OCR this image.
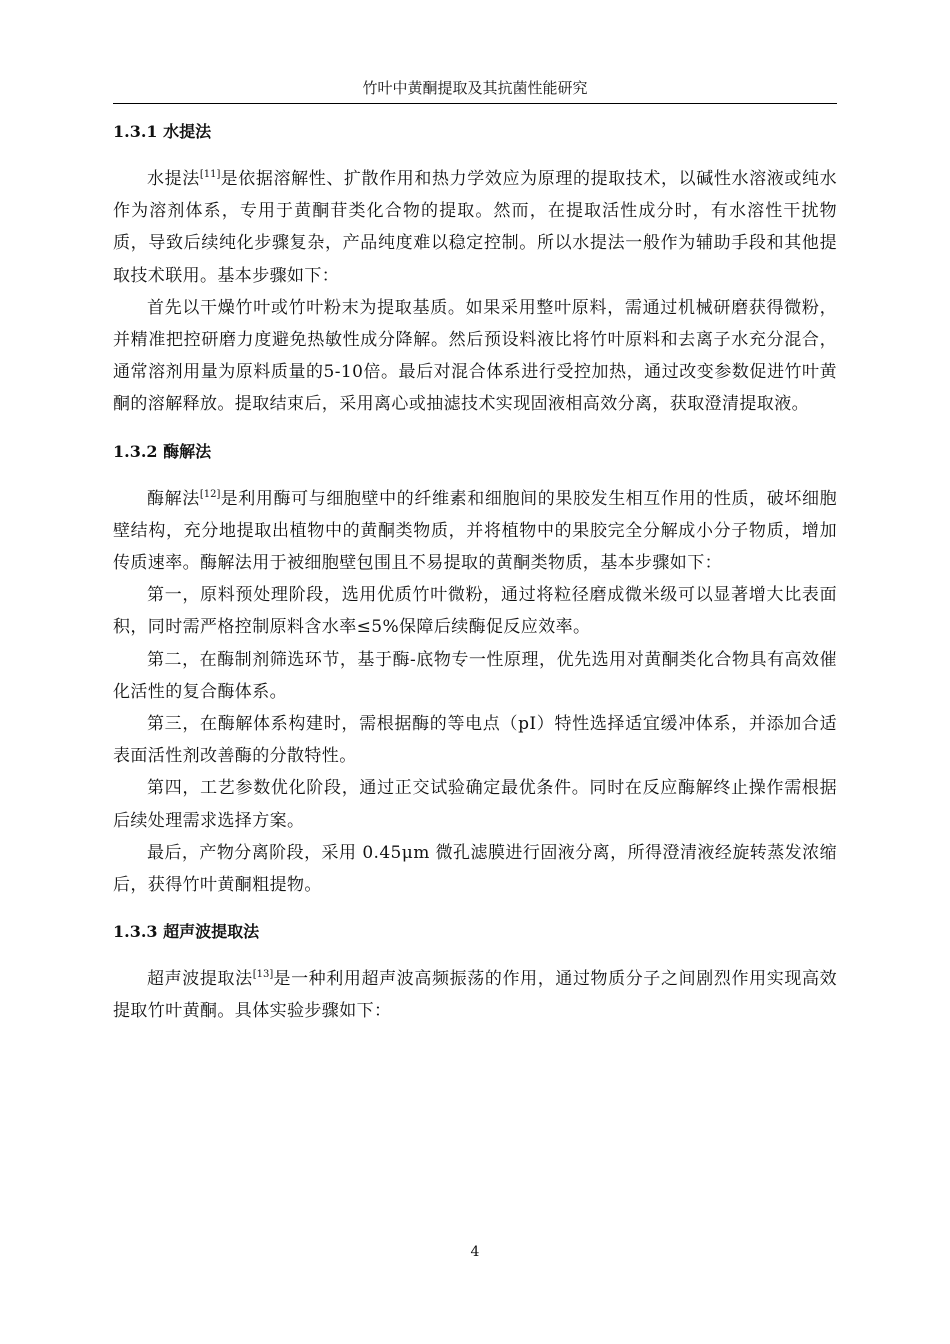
竹叶中黄酮提取及其抗菌性能研究
1.3.1 水提法

水提法[11]是依据溶解性、扩散作用和热力学效应为原理的提取技术，以碱性水溶液或纯水作为溶剂体系，专用于黄酮苷类化合物的提取。然而，在提取活性成分时，有水溶性干扰物质，导致后续纯化步骤复杂，产品纯度难以稳定控制。所以水提法一般作为辅助手段和其他提取技术联用。基本步骤如下：

首先以干燥竹叶或竹叶粉末为提取基质。如果采用整叶原料，需通过机械研磨获得微粉，并精准把控研磨力度避免热敏性成分降解。然后预设料液比将竹叶原料和去离子水充分混合，通常溶剂用量为原料质量的5-10倍。最后对混合体系进行受控加热，通过改变参数促进竹叶黄酮的溶解释放。提取结束后，采用离心或抽滤技术实现固液相高效分离，获取澄清提取液。

1.3.2 酶解法

酶解法[12]是利用酶可与细胞壁中的纤维素和细胞间的果胶发生相互作用的性质，破坏细胞壁结构，充分地提取出植物中的黄酮类物质，并将植物中的果胶完全分解成小分子物质，增加传质速率。酶解法用于被细胞壁包围且不易提取的黄酮类物质，基本步骤如下：

第一，原料预处理阶段，选用优质竹叶微粉，通过将粒径磨成微米级可以显著增大比表面积，同时需严格控制原料含水率≤5%保障后续酶促反应效率。

第二，在酶制剂筛选环节，基于酶-底物专一性原理，优先选用对黄酮类化合物具有高效催化活性的复合酶体系。

第三，在酶解体系构建时，需根据酶的等电点（pI）特性选择适宜缓冲体系，并添加合适表面活性剂改善酶的分散特性。

第四，工艺参数优化阶段，通过正交试验确定最优条件。同时在反应酶解终止操作需根据后续处理需求选择方案。

最后，产物分离阶段，采用 0.45μm 微孔滤膜进行固液分离，所得澄清液经旋转蒸发浓缩后，获得竹叶黄酮粗提物。

1.3.3 超声波提取法

超声波提取法[13]是一种利用超声波高频振荡的作用，通过物质分子之间剧烈作用实现高效提取竹叶黄酮。具体实验步骤如下：

4
